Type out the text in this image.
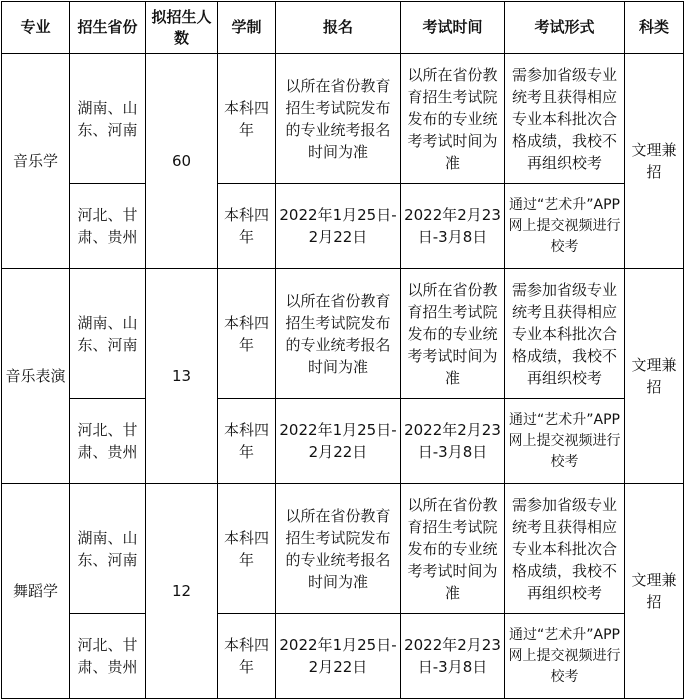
专业	招生省份	拟招生人数	学制	报名	考试时间	考试形式	科类
音乐学	湖南、山东、河南	60	本科四年	以所在省份教育招生考试院发布的专业统考报名时间为准	以所在省份教育招生考试院发布的专业统考考试时间为准	需参加省级专业统考且获得相应专业本科批次合格成绩，我校不再组织校考	文理兼招
	河北、甘肃、贵州		本科四年	2022年1月25日-2月22日	2022年2月23日-3月8日	通过“艺术升”APP网上提交视频进行校考	
音乐表演	湖南、山东、河南	13	本科四年	以所在省份教育招生考试院发布的专业统考报名时间为准	以所在省份教育招生考试院发布的专业统考考试时间为准	需参加省级专业统考且获得相应专业本科批次合格成绩，我校不再组织校考	文理兼招
	河北、甘肃、贵州		本科四年	2022年1月25日-2月22日	2022年2月23日-3月8日	通过“艺术升”APP网上提交视频进行校考	
舞蹈学	湖南、山东、河南	12	本科四年	以所在省份教育招生考试院发布的专业统考报名时间为准	以所在省份教育招生考试院发布的专业统考考试时间为准	需参加省级专业统考且获得相应专业本科批次合格成绩，我校不再组织校考	文理兼招
	河北、甘肃、贵州		本科四年	2022年1月25日-2月22日	2022年2月23日-3月8日	通过“艺术升”APP网上提交视频进行校考	
